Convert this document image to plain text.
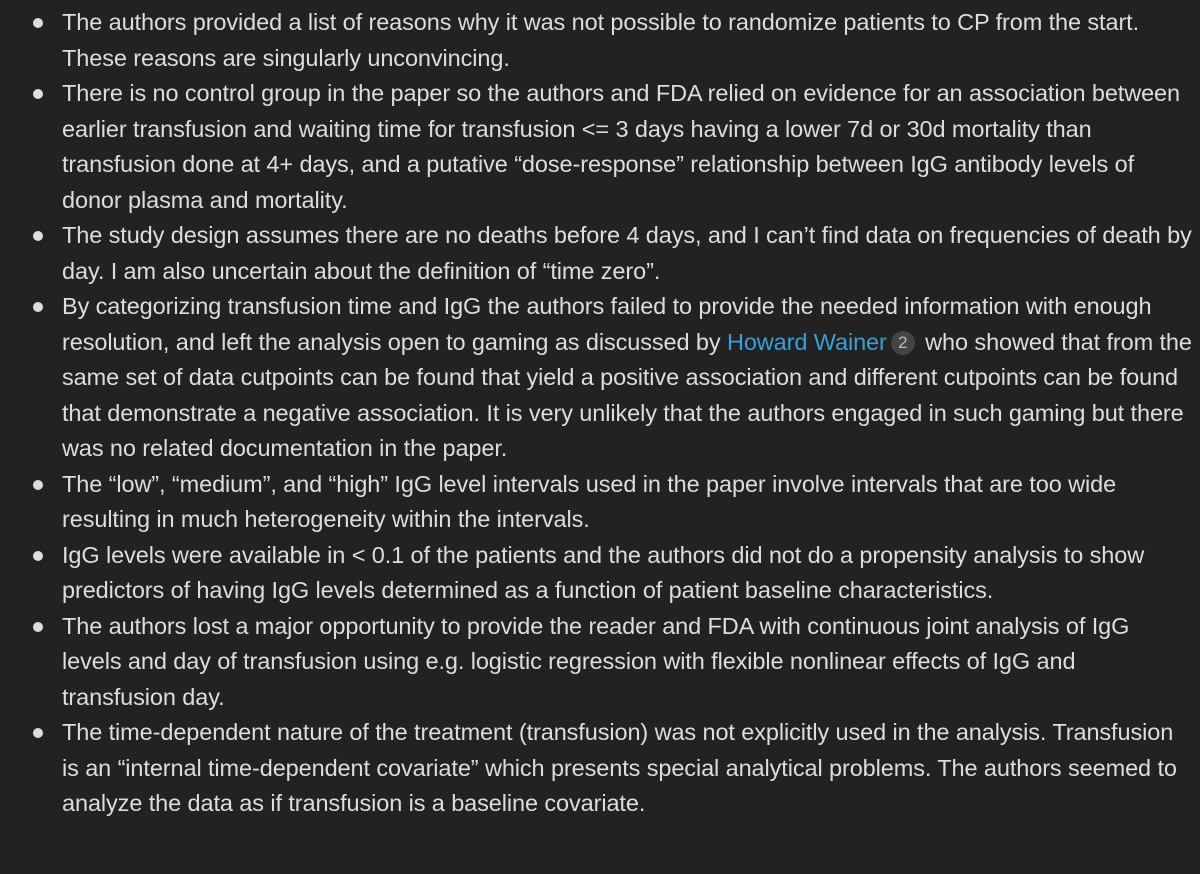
The authors provided a list of reasons why it was not possible to randomize patients to CP from the start. These reasons are singularly unconvincing.
There is no control group in the paper so the authors and FDA relied on evidence for an association between earlier transfusion and waiting time for transfusion <= 3 days having a lower 7d or 30d mortality than transfusion done at 4+ days, and a putative “dose-response” relationship between IgG antibody levels of donor plasma and mortality.
The study design assumes there are no deaths before 4 days, and I can’t find data on frequencies of death by day. I am also uncertain about the definition of “time zero”.
By categorizing transfusion time and IgG the authors failed to provide the needed information with enough resolution, and left the analysis open to gaming as discussed by Howard Wainer 2 who showed that from the same set of data cutpoints can be found that yield a positive association and different cutpoints can be found that demonstrate a negative association. It is very unlikely that the authors engaged in such gaming but there was no related documentation in the paper.
The “low”, “medium”, and “high” IgG level intervals used in the paper involve intervals that are too wide resulting in much heterogeneity within the intervals.
IgG levels were available in < 0.1 of the patients and the authors did not do a propensity analysis to show predictors of having IgG levels determined as a function of patient baseline characteristics.
The authors lost a major opportunity to provide the reader and FDA with continuous joint analysis of IgG levels and day of transfusion using e.g. logistic regression with flexible nonlinear effects of IgG and transfusion day.
The time-dependent nature of the treatment (transfusion) was not explicitly used in the analysis. Transfusion is an “internal time-dependent covariate” which presents special analytical problems. The authors seemed to analyze the data as if transfusion is a baseline covariate.
